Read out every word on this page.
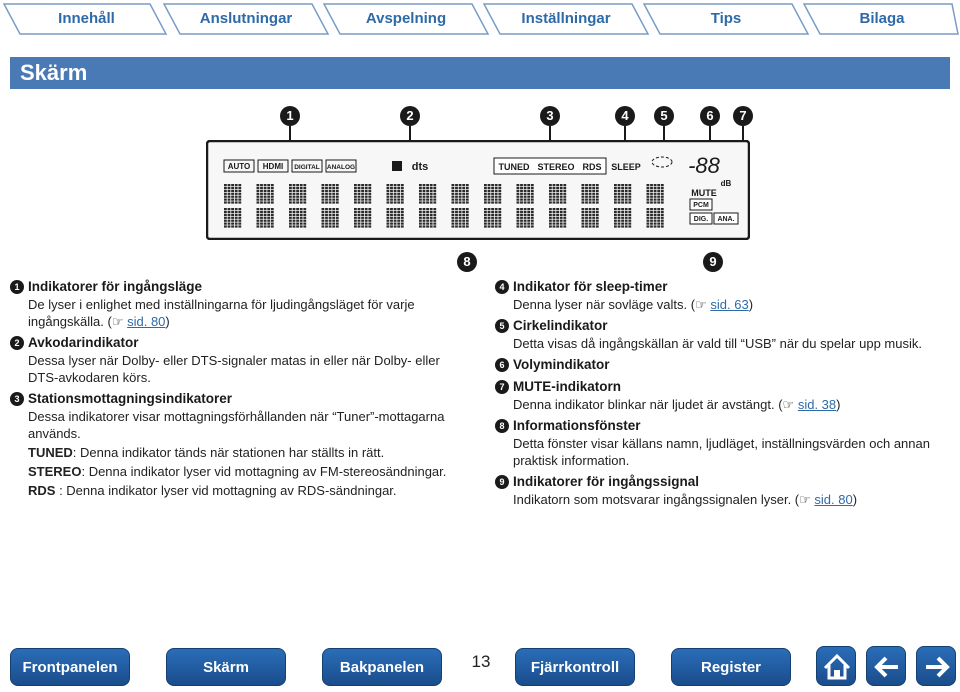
Innehåll	Anslutningar	Avspelning	Inställningar	Tips	Bilaga
Skärm
1	2	3	4	5	6	7
8	9
AUTO HDMI DIGITAL ANALOG	dts	TUNED STEREO RDS SLEEP -88
dB
MUTE
PCM
DIG. ANA.
1 Indikatorer för ingångsläge
De lyser i enlighet med inställningarna för ljudingångsläget för varje ingångskälla. (☞ sid. 80)
2 Avkodarindikator
Dessa lyser när Dolby- eller DTS-signaler matas in eller när Dolby- eller DTS-avkodaren körs.
3 Stationsmottagningsindikatorer
Dessa indikatorer visar mottagningsförhållanden när “Tuner”-mottagarna används.
TUNED: Denna indikator tänds när stationen har ställts in rätt.
STEREO: Denna indikator lyser vid mottagning av FM-stereosändningar.
RDS : Denna indikator lyser vid mottagning av RDS-sändningar.
4 Indikator för sleep-timer
Denna lyser när sovläge valts. (☞ sid. 63)
5 Cirkelindikator
Detta visas då ingångskällan är vald till “USB” när du spelar upp musik.
6 Volymindikator
7 MUTE-indikatorn
Denna indikator blinkar när ljudet är avstängt. (☞ sid. 38)
8 Informationsfönster
Detta fönster visar källans namn, ljudläget, inställningsvärden och annan praktisk information.
9 Indikatorer för ingångssignal
Indikatorn som motsvarar ingångssignalen lyser. (☞ sid. 80)
Frontpanelen	Skärm	Bakpanelen	13	Fjärrkontroll	Register
